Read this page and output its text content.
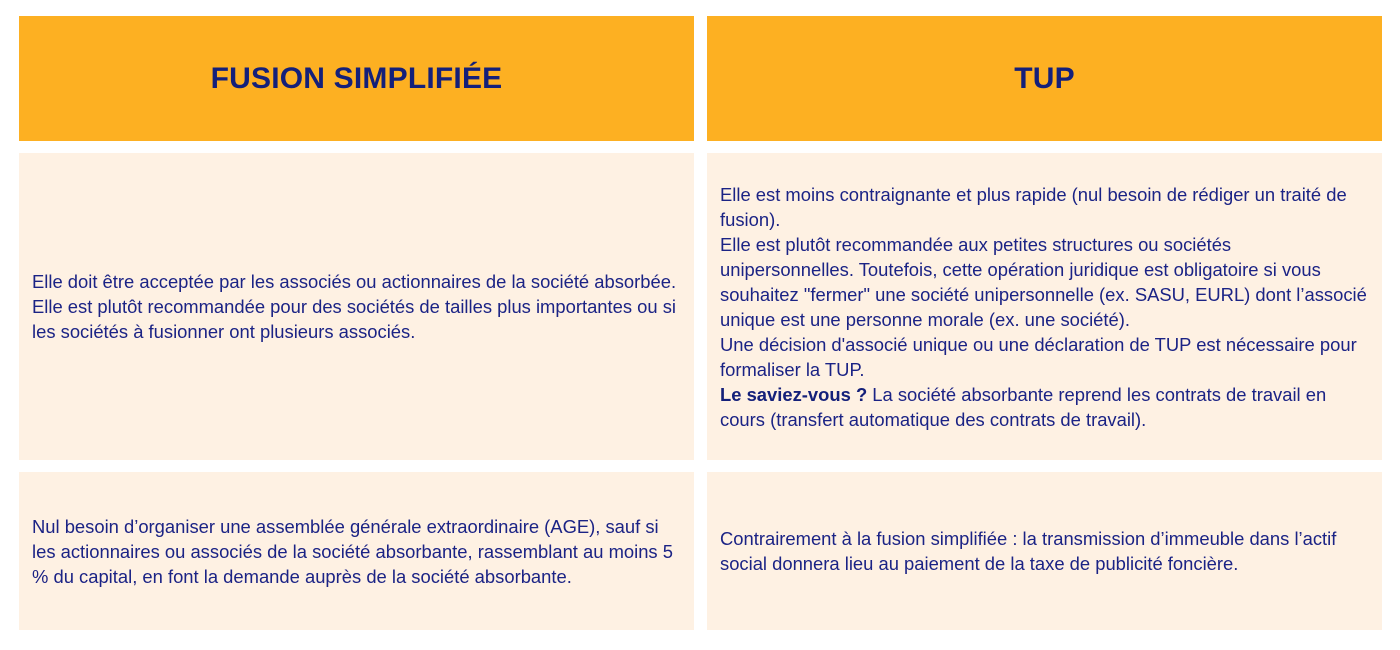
FUSION SIMPLIFIÉE	TUP

Elle doit être acceptée par les associés ou actionnaires de la société absorbée.

Elle est plutôt recommandée pour des sociétés de tailles plus importantes ou si les sociétés à fusionner ont plusieurs associés.

Elle est moins contraignante et plus rapide (nul besoin de rédiger un traité de fusion).

Elle est plutôt recommandée aux petites structures ou sociétés unipersonnelles. Toutefois, cette opération juridique est obligatoire si vous souhaitez "fermer" une société unipersonnelle (ex. SASU, EURL) dont l’associé unique est une personne morale (ex. une société).

Une décision d'associé unique ou une déclaration de TUP est nécessaire pour formaliser la TUP.

Le saviez-vous ? La société absorbante reprend les contrats de travail en cours (transfert automatique des contrats de travail).

Nul besoin d’organiser une assemblée générale extraordinaire (AGE), sauf si les actionnaires ou associés de la société absorbante, rassemblant au moins 5 % du capital, en font la demande auprès de la société absorbante.

Contrairement à la fusion simplifiée : la transmission d’immeuble dans l’actif social donnera lieu au paiement de la taxe de publicité foncière.
